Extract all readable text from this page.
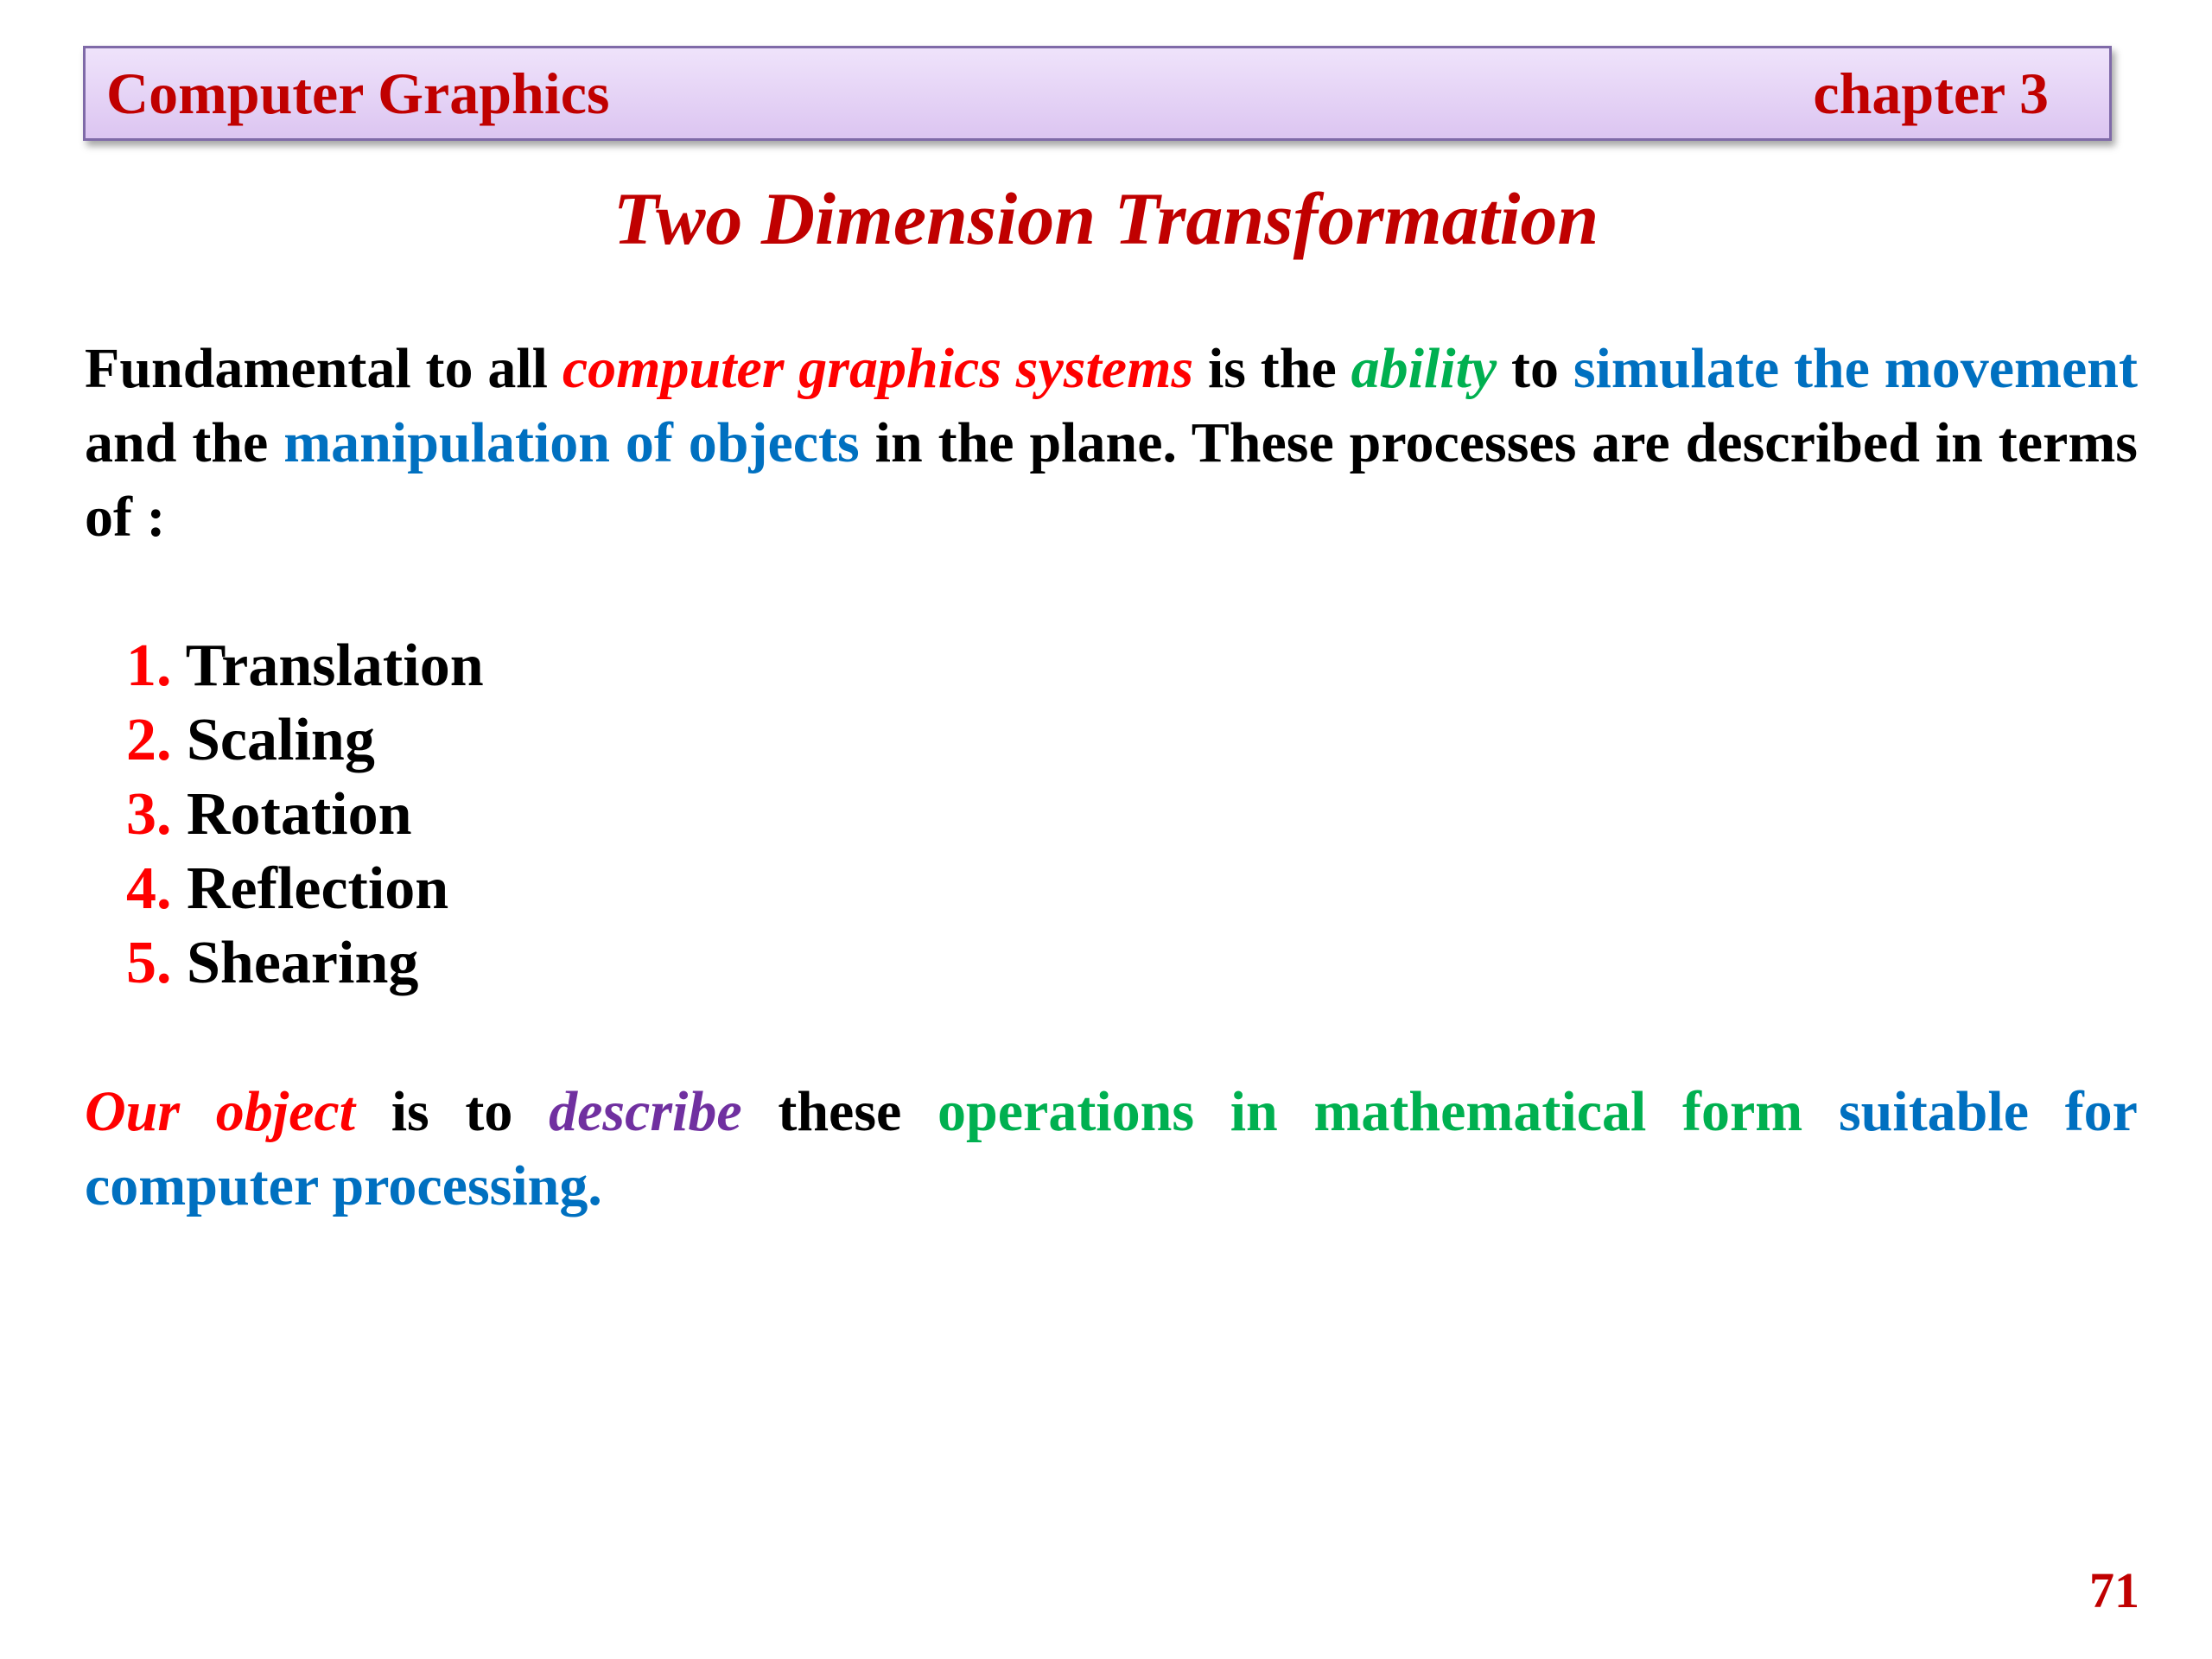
Computer Graphics	chapter 3
Two Dimension Transformation

Fundamental to all computer graphics systems is the ability to simulate the movement and the manipulation of objects in the plane. These processes are described in terms of :

1. Translation
2. Scaling
3. Rotation
4. Reflection
5. Shearing

Our object is to describe these operations in mathematical form suitable for computer processing.

71
